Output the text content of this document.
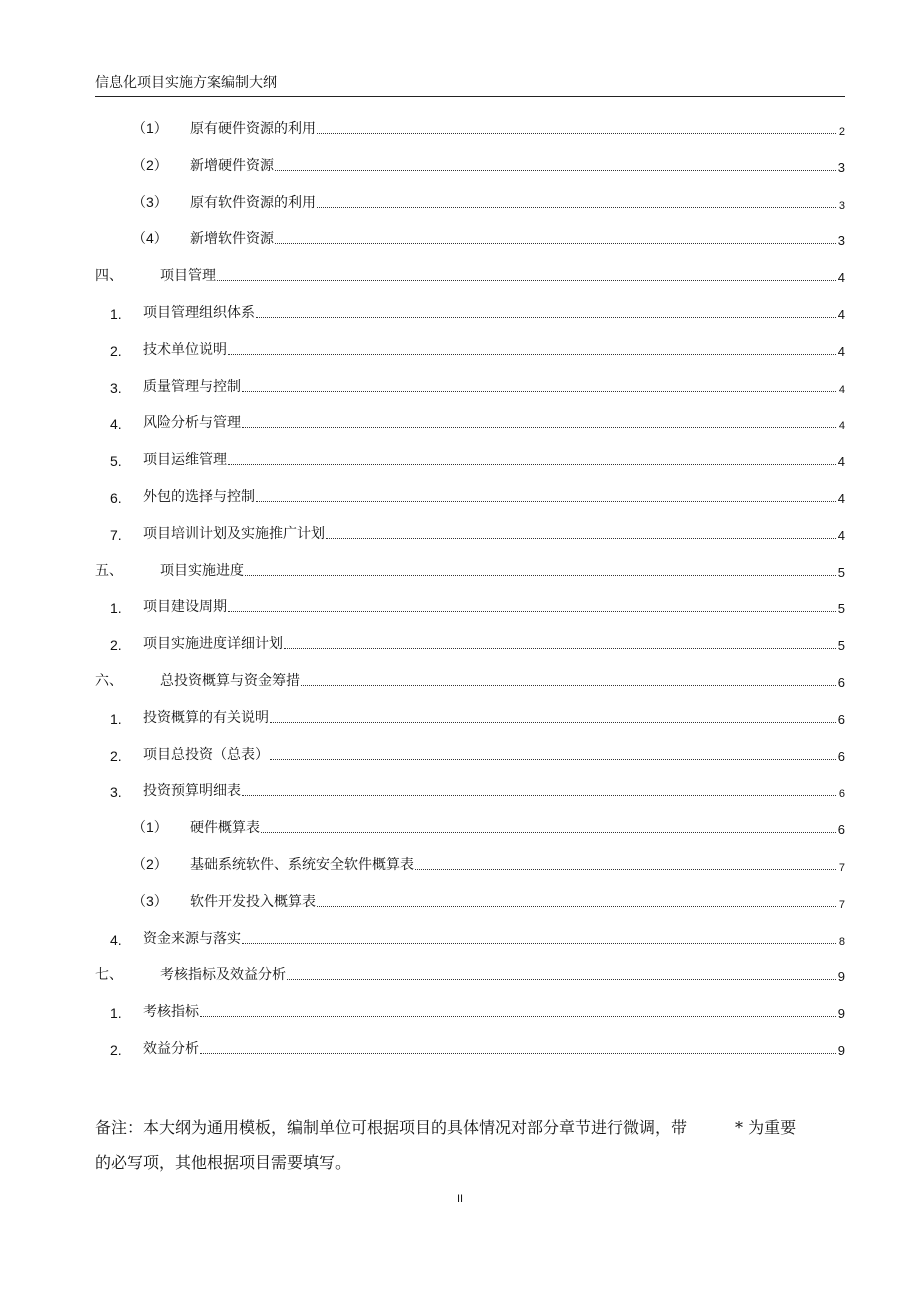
信息化项目实施方案编制大纲
（1）	原有硬件资源的利用	2
（2）	新增硬件资源	3
（3）	原有软件资源的利用	3
（4）	新增软件资源	3
四、	项目管理	4
1.	项目管理组织体系	4
2.	技术单位说明	4
3.	质量管理与控制	4
4.	风险分析与管理	4
5.	项目运维管理	4
6.	外包的选择与控制	4
7.	项目培训计划及实施推广计划	4
五、	项目实施进度	5
1.	项目建设周期	5
2.	项目实施进度详细计划	5
六、	总投资概算与资金筹措	6
1.	投资概算的有关说明	6
2.	项目总投资（总表）	6
3.	投资预算明细表	6
（1）	硬件概算表	6
（2）	基础系统软件、系统安全软件概算表	7
（3）	软件开发投入概算表	7
4.	资金来源与落实	8
七、	考核指标及效益分析	9
1.	考核指标	9
2.	效益分析	9

备注：本大纲为通用模板，编制单位可根据项目的具体情况对部分章节进行微调，带　　　* 为重要

的必写项，其他根据项目需要填写。

II
